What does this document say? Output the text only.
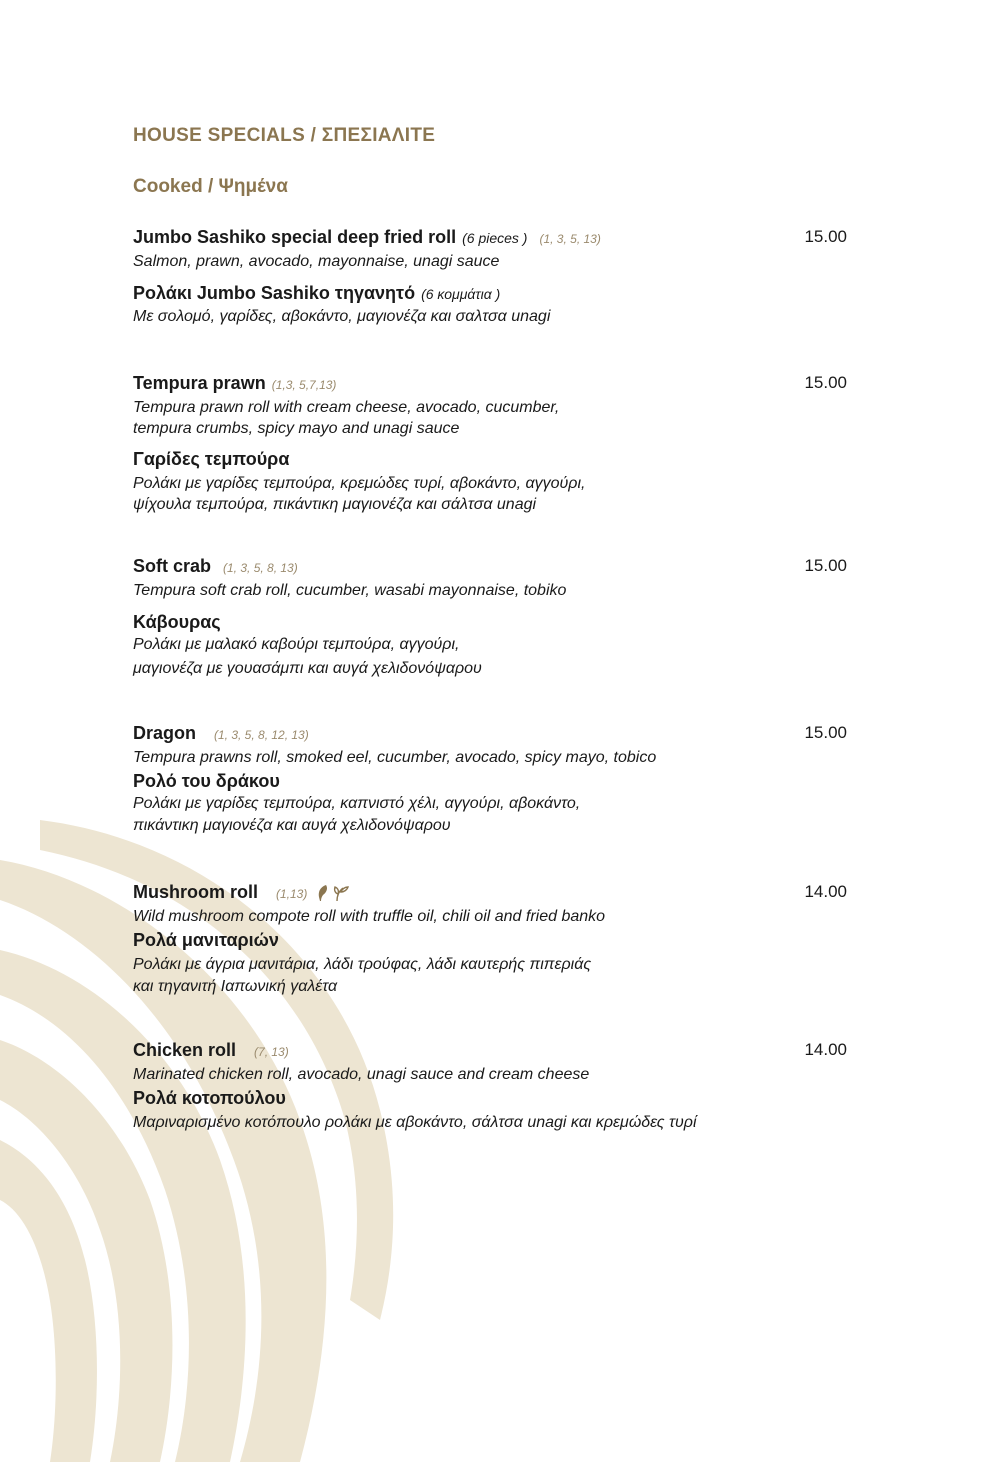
HOUSE SPECIALS / ΣΠΕΣΙΑΛΙΤΕ
Cooked / Ψημένα
Jumbo Sashiko special deep fried roll (6 pieces ) (1, 3, 5, 13)	15.00
Salmon, prawn, avocado, mayonnaise, unagi sauce
Ρολάκι Jumbo Sashiko τηγανητό (6 κομμάτια )
Με σολομό, γαρίδες, αβοκάντο, μαγιονέζα και σαλτσα unagi
Tempura prawn (1,3, 5,7,13)	15.00
Tempura prawn roll with cream cheese, avocado, cucumber,
tempura crumbs, spicy mayo and unagi sauce
Γαρίδες τεμπούρα
Ρολάκι με γαρίδες τεμπούρα, κρεμώδες τυρί, αβοκάντο, αγγούρι,
ψίχουλα τεμπούρα, πικάντικη μαγιονέζα και σάλτσα unagi
Soft crab (1, 3, 5, 8, 13)	15.00
Tempura soft crab roll, cucumber, wasabi mayonnaise, tobiko
Κάβουρας
Ρολάκι με μαλακό καβούρι τεμπούρα, αγγούρι,
μαγιονέζα με γουασάμπι και αυγά χελιδονόψαρου
Dragon (1, 3, 5, 8, 12, 13)	15.00
Tempura prawns roll, smoked eel, cucumber, avocado, spicy mayo, tobico
Ρολό του δράκου
Ρολάκι με γαρίδες τεμπούρα, καπνιστό χέλι, αγγούρι, αβοκάντο,
πικάντικη μαγιονέζα και αυγά χελιδονόψαρου
Mushroom roll (1,13)	14.00
Wild mushroom compote roll with truffle oil, chili oil and fried banko
Ρολά μανιταριών
Ρολάκι με άγρια μανιτάρια, λάδι τρούφας, λάδι καυτερής πιπεριάς
και τηγανιτή Ιαπωνική γαλέτα
Chicken roll (7, 13)	14.00
Marinated chicken roll, avocado, unagi sauce and cream cheese
Ρολά κοτοπούλου
Μαριναρισμένο κοτόπουλο ρολάκι με αβοκάντο, σάλτσα unagi και κρεμώδες τυρί
